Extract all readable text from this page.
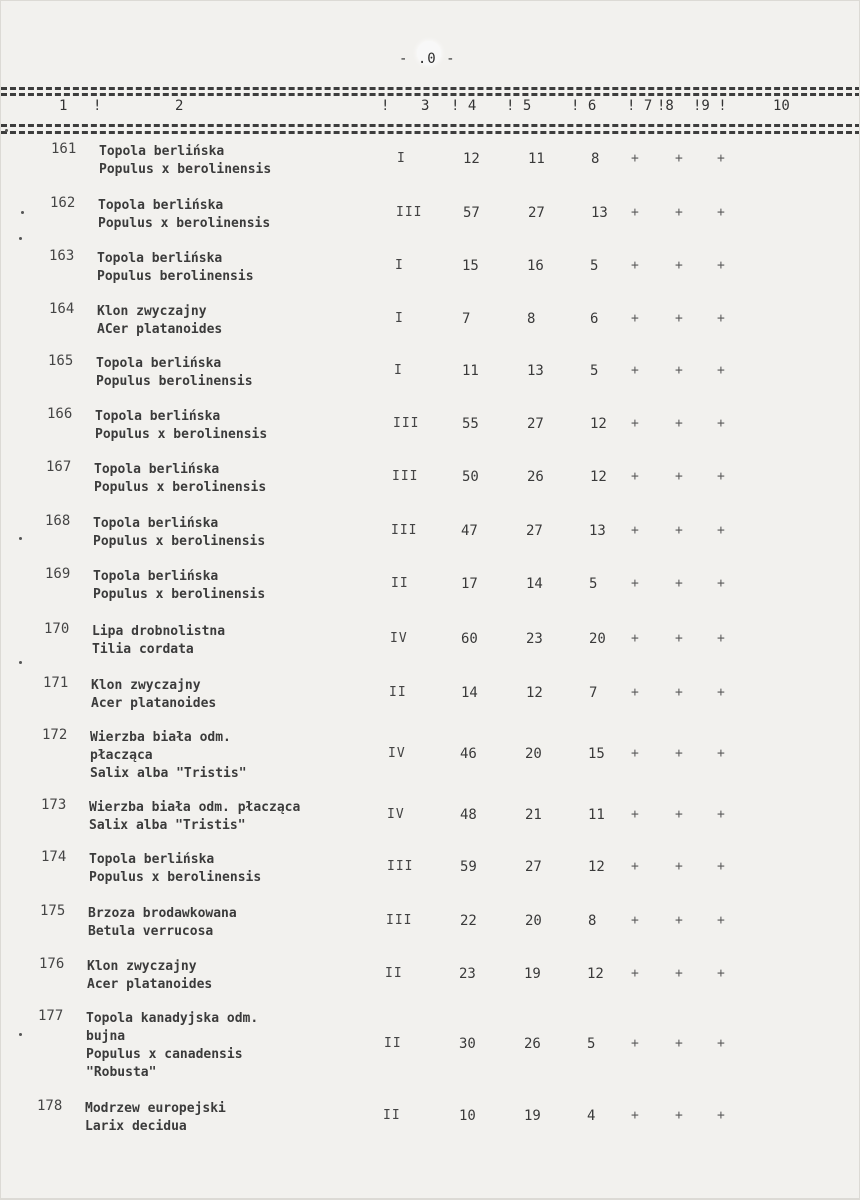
- .0 -
1 !	2	! 3 ! 4 ! 5	! 6 ! 7 !8 !9 !	10
161 Topola berlińska
Populus x berolinensis
I	12	11	8 +	+	+
162 Topola berlińska
Populus x berolinensis
III	57	27	13 +	+	+
163 Topola berlińska
Populus berolinensis
I	15	16	5	+	+	+
164 Klon zwyczajny
ACer platanoides
I	7	8	6	+	+	+
165 Topola berlińska
Populus berolinensis
I	11	13	5	+	+	+
166 Topola berlińska
Populus x berolinensis
III	55	27	12 +	+	+
167 Topola berlińska
Populus x berolinensis
III	50	26	12 +	+	+
168 Topola berlińska
Populus x berolinensis
III	47	27	13 +	+	+
169 Topola berlińska
Populus x berolinensis
II	17	14	5	+	+	+
170 Lipa drobnolistna
Tilia cordata
IV	60	23	20 +	+	+
171 Klon zwyczajny
Acer platanoides
II	14	12	7	+	+	+
172 Wierzba biała odm.
płacząca
Salix alba "Tristis"
IV	46	20	15 +	+	+
173 Wierzba biała odm. płacząca
Salix alba "Tristis"
IV	48	21	11 +	+	+
174 Topola berlińska
Populus x berolinensis
III	59	27	12 +	+	+
175 Brzoza brodawkowana
Betula verrucosa
III	22	20	8	+	+	+
176 Klon zwyczajny
Acer platanoides
II	23	19	12 +	+	+
177 Topola kanadyjska odm.
bujna
Populus x canadensis
"Robusta"
II	30	26	5	+	+	+
178 Modrzew europejski
Larix decidua
II	10	19	4	+	+	+
